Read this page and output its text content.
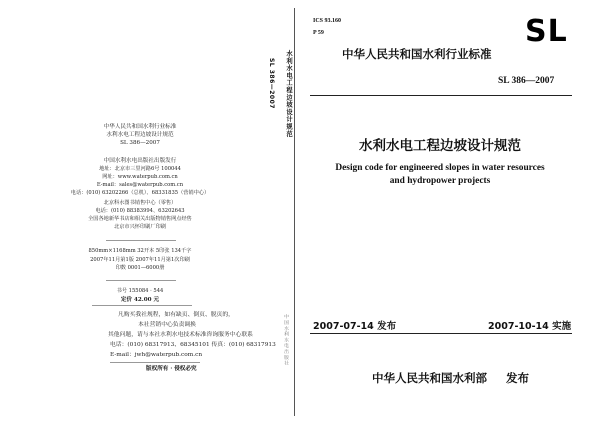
中华人民共和国水利行业标准
水利水电工程边坡设计规范
SL 386—2007
中国水利水电出版社出版发行
地址：北京市三里河路6号 100044
网址：www.waterpub.com.cn
E-mail：sales@waterpub.com.cn
电话：(010) 63202266（总机）、68331835（营销中心）
北京科水图书销售中心（零售）
电话：(010) 88383994、63202643
全国各地新华书店和相关出版物销售网点经售
北京市兴怀印刷厂印刷
850mm×1168mm 32开本 5印张 134千字
2007年11月第1版 2007年11月第1次印刷
印数 0001—6000册
书号 155084 · 544
定价 42.00 元
凡购买我社规程，如有缺页、倒页、脱页的，
本社营销中心负责调换
其他问题，请与本社水利水电技术标准咨询服务中心联系
电话：(010) 68317913、68345101 传真：(010) 68317913
E-mail：jwh@waterpub.com.cn
版权所有 · 侵权必究
SL 386—2007	水利水电工程边坡设计规范
中国水利水电出版社
ICS 93.160
P 59	SL
中华人民共和国水利行业标准
SL 386—2007
水利水电工程边坡设计规范
Design code for engineered slopes in water resources
and hydropower projects
2007-07-14 发布	2007-10-14 实施
中华人民共和国水利部 发布
